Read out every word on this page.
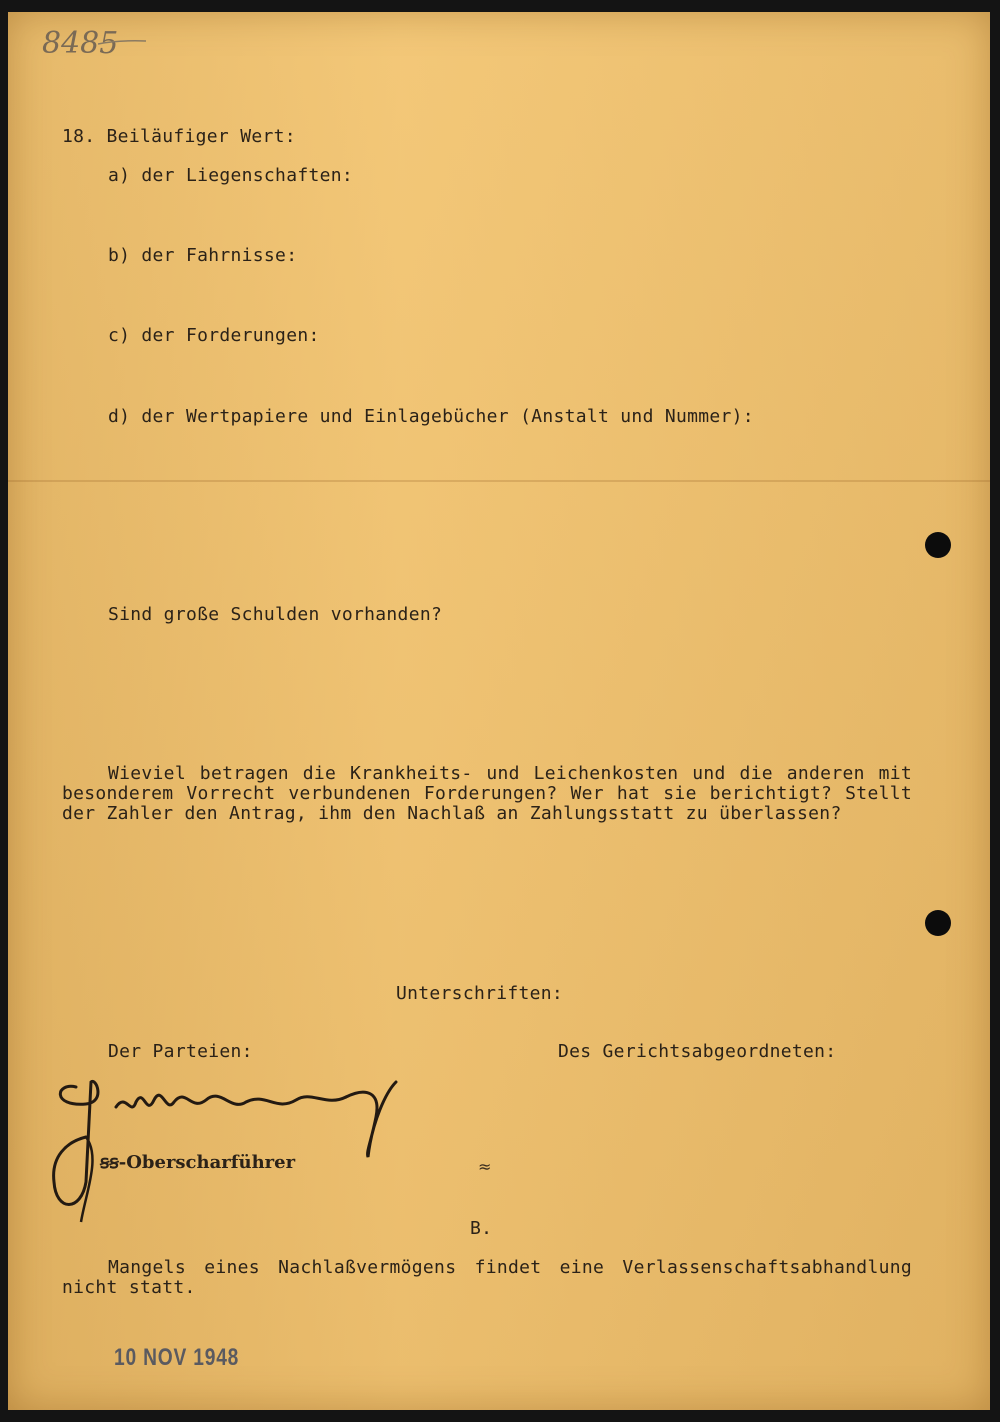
8485
18. Beiläufiger Wert:
a) der Liegenschaften:
b) der Fahrnisse:
c) der Forderungen:
d) der Wertpapiere und Einlagebücher (Anstalt und Nummer):
Sind große Schulden vorhanden?
Wieviel betragen die Krankheits- und Leichenkosten und die anderen mit besonderem Vorrecht verbundenen Forderungen? Wer hat sie berichtigt? Stellt der Zahler den Antrag, ihm den Nachlaß an Zahlungsstatt zu überlassen?
Unterschriften:
Der Parteien:	Des Gerichtsabgeordneten:
ꞩꞩ-Oberscharführer	≈
B.
Mangels eines Nachlaßvermögens findet eine Verlassenschaftsabhandlung nicht statt.
10 NOV 1948
